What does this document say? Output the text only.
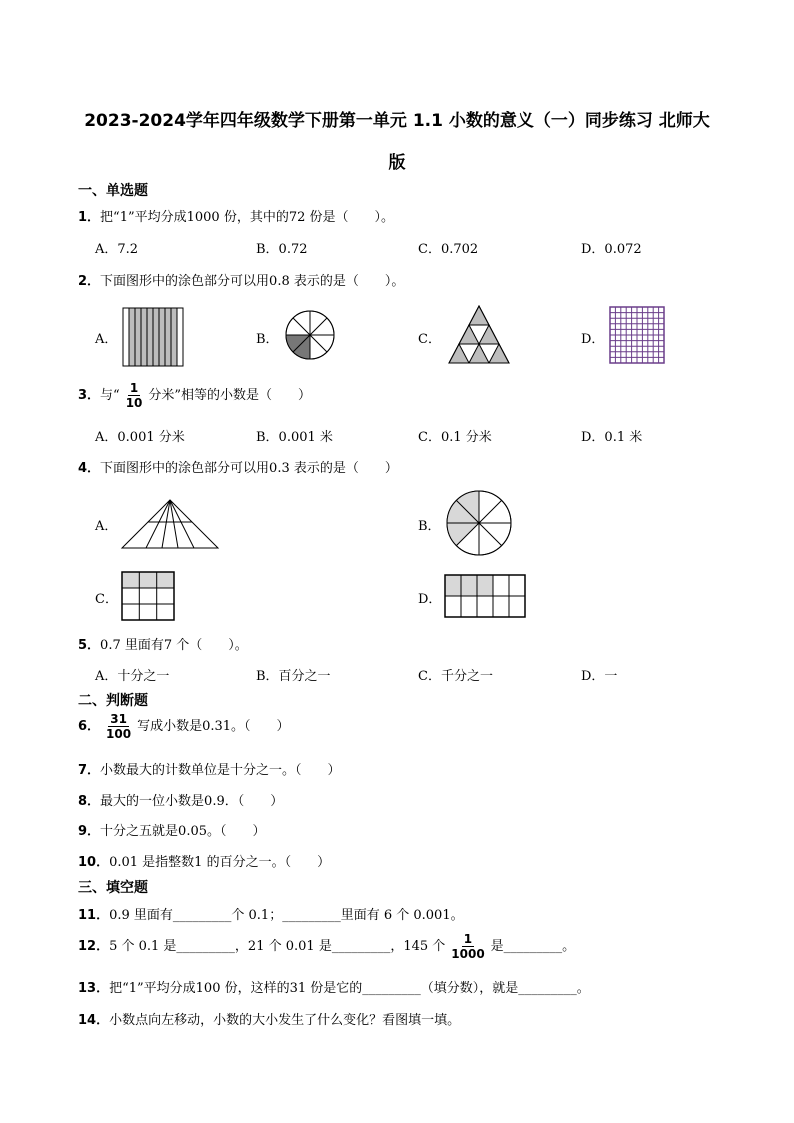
2023-2024学年四年级数学下册第一单元 1.1 小数的意义（一）同步练习 北师大
版
一、单选题
1．把“1”平均分成1000 份，其中的72 份是（　　）。
A．7.2	B．0.72	C．0.702	D．0.072
2．下面图形中的涂色部分可以用0.8 表示的是（　　）。
A．	B．	C．	D．
3．与“ $\frac{1}{10}$ 分米”相等的小数是（　　）
A．0.001 分米	B．0.001 米	C．0.1 分米	D．0.1 米
4．下面图形中的涂色部分可以用0.3 表示的是（　　）
A．	B．
C．	D．
5．0.7 里面有7 个（　　）。
A．十分之一	B．百分之一	C．千分之一	D．一
二、判断题
6． $\frac{31}{100}$ 写成小数是0.31。（　　）
7．小数最大的计数单位是十分之一。（　　）
8．最大的一位小数是0.9．（　　）
9．十分之五就是0.05。（　　）
10．0.01 是指整数1 的百分之一。（　　）
三、填空题
11．0.9 里面有_________个 0.1；_________里面有 6 个 0.001。
12．5 个 0.1 是_________，21 个 0.01 是_________，145 个 $\frac{1}{1000}$ 是_________。
13．把“1”平均分成100 份，这样的31 份是它的_________（填分数），就是_________。
14．小数点向左移动，小数的大小发生了什么变化？看图填一填。
